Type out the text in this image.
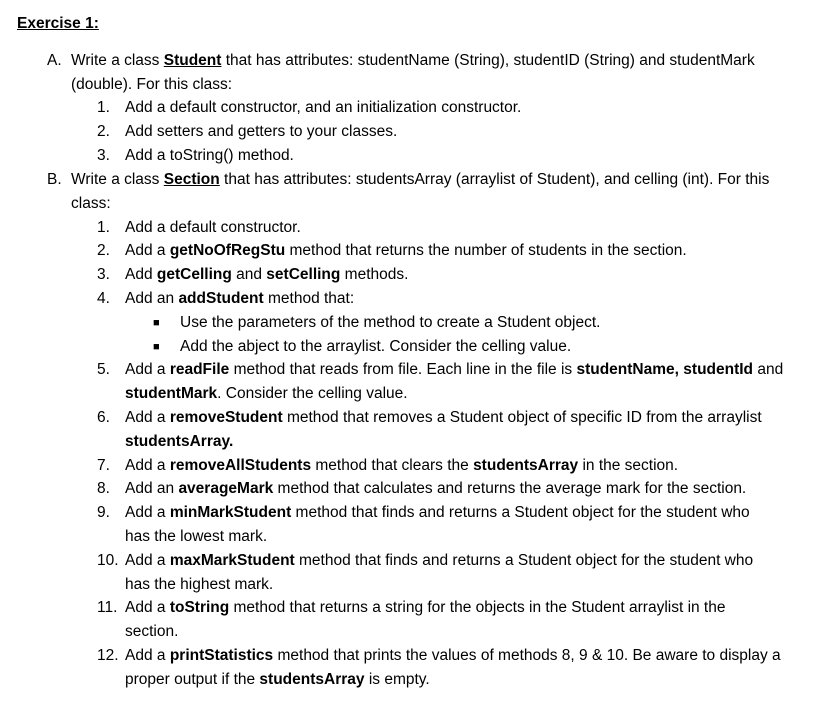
Exercise 1:
A. Write a class Student that has attributes: studentName (String), studentID (String) and studentMark
(double). For this class:
1. Add a default constructor, and an initialization constructor.
2. Add setters and getters to your classes.
3. Add a toString() method.
B. Write a class Section that has attributes: studentsArray (arraylist of Student), and celling (int). For this
class:
1. Add a default constructor.
2. Add a getNoOfRegStu method that returns the number of students in the section.
3. Add getCelling and setCelling methods.
4. Add an addStudent method that:
■ Use the parameters of the method to create a Student object.
■ Add the abject to the arraylist. Consider the celling value.
5. Add a readFile method that reads from file. Each line in the file is studentName, studentId and
studentMark. Consider the celling value.
6. Add a removeStudent method that removes a Student object of specific ID from the arraylist
studentsArray.
7. Add a removeAllStudents method that clears the studentsArray in the section.
8. Add an averageMark method that calculates and returns the average mark for the section.
9. Add a minMarkStudent method that finds and returns a Student object for the student who
has the lowest mark.
10. Add a maxMarkStudent method that finds and returns a Student object for the student who
has the highest mark.
11. Add a toString method that returns a string for the objects in the Student arraylist in the
section.
12. Add a printStatistics method that prints the values of methods 8, 9 & 10. Be aware to display a
proper output if the studentsArray is empty.
